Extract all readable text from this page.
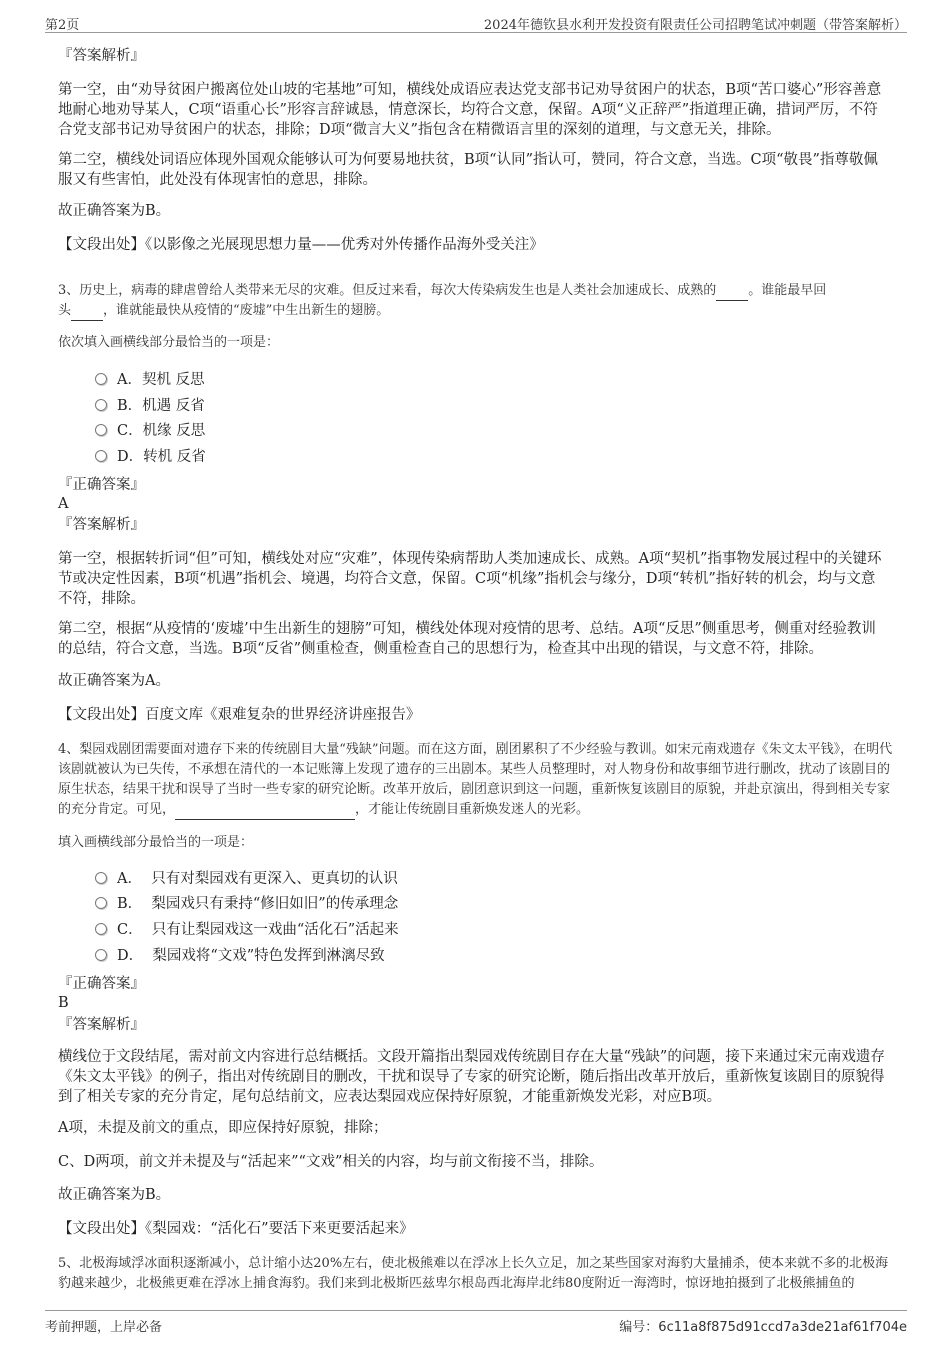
第2页	2024年德钦县水利开发投资有限责任公司招聘笔试冲刺题（带答案解析）
『答案解析』
第一空，由“劝导贫困户搬离位处山坡的宅基地”可知，横线处成语应表达党支部书记劝导贫困户的状态，B项“苦口婆心”形容善意地耐心地劝导某人，C项“语重心长”形容言辞诚恳，情意深长，均符合文意，保留。A项“义正辞严”指道理正确，措词严厉，不符合党支部书记劝导贫困户的状态，排除；D项“微言大义”指包含在精微语言里的深刻的道理，与文意无关，排除。
第二空，横线处词语应体现外国观众能够认可为何要易地扶贫，B项“认同”指认可，赞同，符合文意，当选。C项“敬畏”指尊敬佩服又有些害怕，此处没有体现害怕的意思，排除。
故正确答案为B。
【文段出处】《以影像之光展现思想力量——优秀对外传播作品海外受关注》
3、历史上，病毒的肆虐曾给人类带来无尽的灾难。但反过来看，每次大传染病发生也是人类社会加速成长、成熟的 。谁能最早回
头 ，谁就能最快从疫情的“废墟”中生出新生的翅膀。
依次填入画横线部分最恰当的一项是：
A．契机 反思
B．机遇 反省
C．机缘 反思
D．转机 反省
『正确答案』
A
『答案解析』
第一空，根据转折词“但”可知，横线处对应“灾难”，体现传染病帮助人类加速成长、成熟。A项“契机”指事物发展过程中的关键环节或决定性因素，B项“机遇”指机会、境遇，均符合文意，保留。C项“机缘”指机会与缘分，D项“转机”指好转的机会，均与文意不符，排除。
第二空，根据“从疫情的‘废墟’中生出新生的翅膀”可知，横线处体现对疫情的思考、总结。A项“反思”侧重思考，侧重对经验教训的总结，符合文意，当选。B项“反省”侧重检查，侧重检查自己的思想行为，检查其中出现的错误，与文意不符，排除。
故正确答案为A。
【文段出处】百度文库《艰难复杂的世界经济讲座报告》
4、梨园戏剧团需要面对遗存下来的传统剧目大量“残缺”问题。而在这方面，剧团累积了不少经验与教训。如宋元南戏遗存《朱文太平钱》，在明代该剧就被认为已失传，不承想在清代的一本记账簿上发现了遗存的三出剧本。某些人员整理时，对人物身份和故事细节进行删改，扰动了该剧目的原生状态，结果干扰和误导了当时一些专家的研究论断。改革开放后，剧团意识到这一问题，重新恢复该剧目的原貌，并赴京演出，得到相关专家的充分肯定。可见，	，才能让传统剧目重新焕发迷人的光彩。
填入画横线部分最恰当的一项是：
A． 只有对梨园戏有更深入、更真切的认识
B． 梨园戏只有秉持“修旧如旧”的传承理念
C． 只有让梨园戏这一戏曲“活化石”活起来
D． 梨园戏将“文戏”特色发挥到淋漓尽致
『正确答案』
B
『答案解析』
横线位于文段结尾，需对前文内容进行总结概括。文段开篇指出梨园戏传统剧目存在大量“残缺”的问题，接下来通过宋元南戏遗存《朱文太平钱》的例子，指出对传统剧目的删改，干扰和误导了专家的研究论断，随后指出改革开放后，重新恢复该剧目的原貌得到了相关专家的充分肯定，尾句总结前文，应表达梨园戏应保持好原貌，才能重新焕发光彩，对应B项。
A项，未提及前文的重点，即应保持好原貌，排除；
C、D两项，前文并未提及与“活起来”“文戏”相关的内容，均与前文衔接不当，排除。
故正确答案为B。
【文段出处】《梨园戏：“活化石”要活下来更要活起来》
5、北极海域浮冰面积逐渐减小，总计缩小达20%左右，使北极熊难以在浮冰上长久立足，加之某些国家对海豹大量捕杀，使本来就不多的北极海豹越来越少，北极熊更难在浮冰上捕食海豹。我们来到北极斯匹兹卑尔根岛西北海岸北纬80度附近一海湾时，惊讶地拍摄到了北极熊捕鱼的
考前押题，上岸必备	编号：6c11a8f875d91ccd7a3de21af61f704e
